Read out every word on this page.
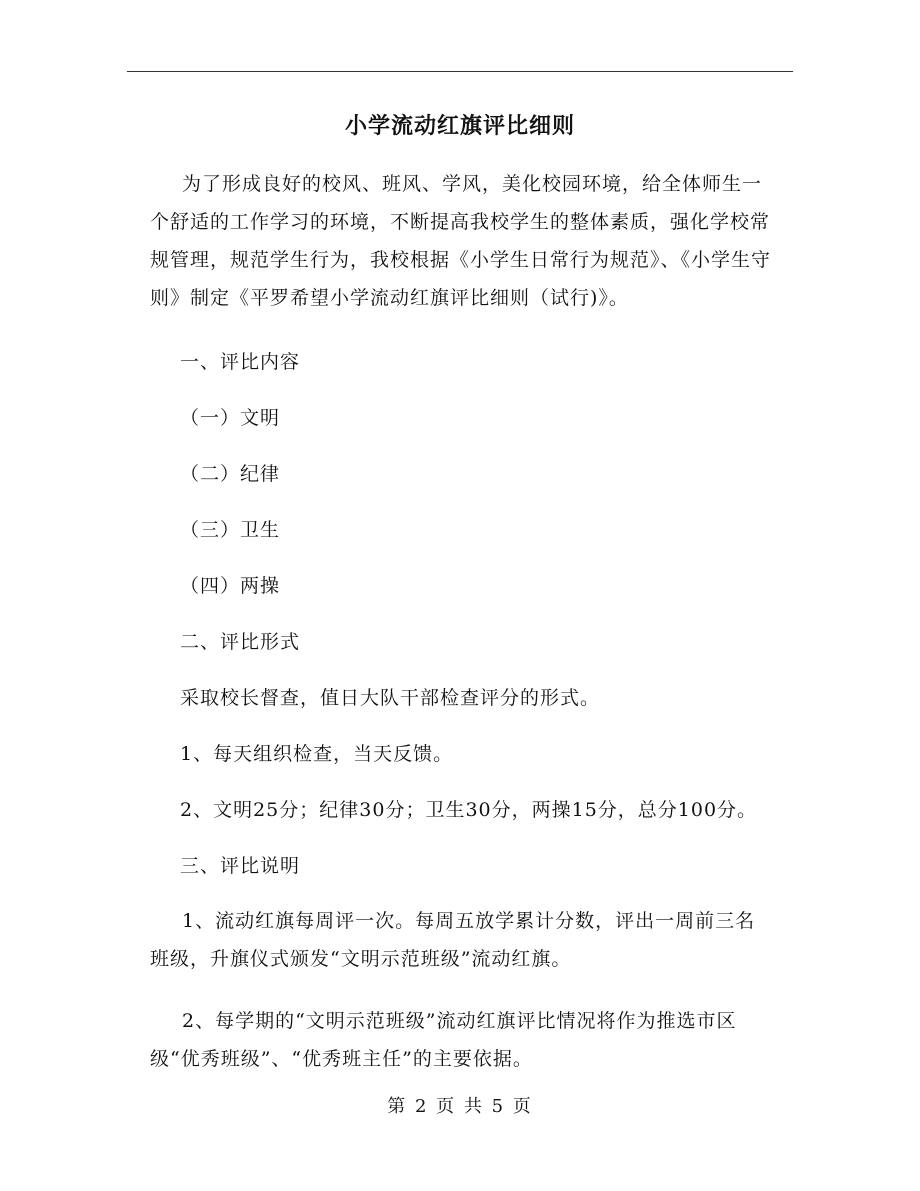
小学流动红旗评比细则
为了形成良好的校风、班风、学风，美化校园环境，给全体师生一
个舒适的工作学习的环境，不断提高我校学生的整体素质，强化学校常
规管理，规范学生行为，我校根据《小学生日常行为规范》、《小学生守
则》制定《平罗希望小学流动红旗评比细则（试行)》。
一、评比内容
（一）文明
（二）纪律
（三）卫生
（四）两操
二、评比形式
采取校长督查，值日大队干部检查评分的形式。
1、每天组织检查，当天反馈。
2、文明25分；纪律30分；卫生30分，两操15分，总分100分。
三、评比说明
1、流动红旗每周评一次。每周五放学累计分数，评出一周前三名
班级，升旗仪式颁发“文明示范班级”流动红旗。
2、每学期的“文明示范班级”流动红旗评比情况将作为推选市区
级“优秀班级”、“优秀班主任”的主要依据。
第 2 页 共 5 页
